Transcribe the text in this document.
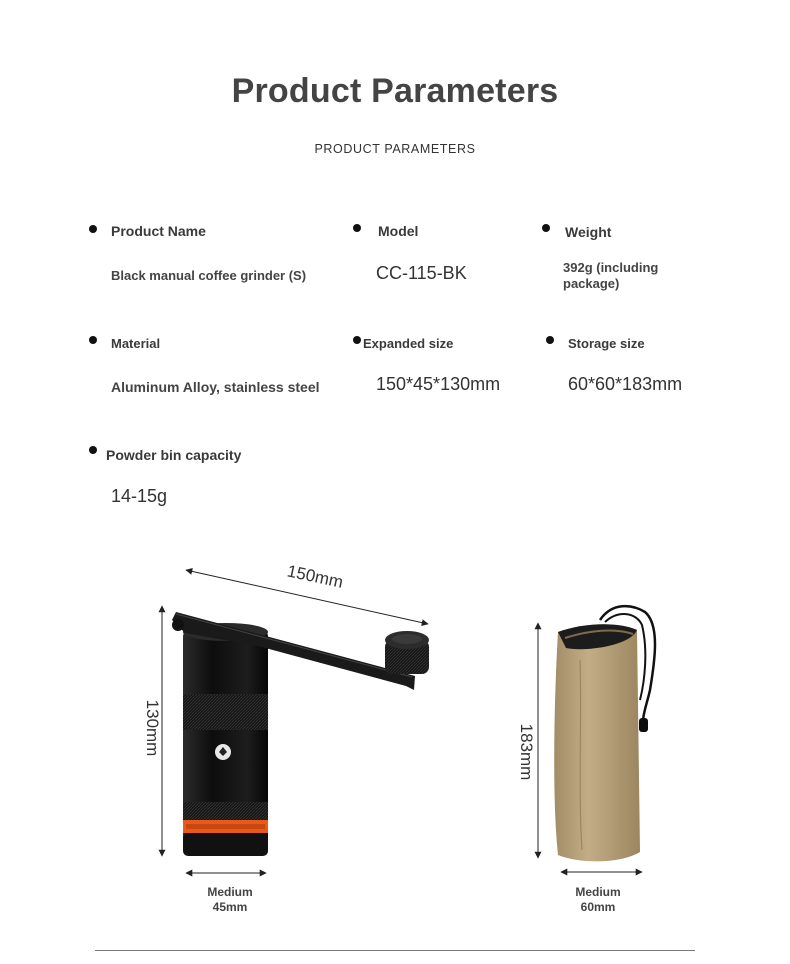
Product Parameters
PRODUCT PARAMETERS
Product Name
Black manual coffee grinder (S)
Model
CC-115-BK
Weight
392g (including
package)
Material
Aluminum Alloy, stainless steel
Expanded size
150*45*130mm
Storage size
60*60*183mm
Powder bin capacity
14-15g
150mm
130mm	183mm
Medium
45mm
Medium
60mm
